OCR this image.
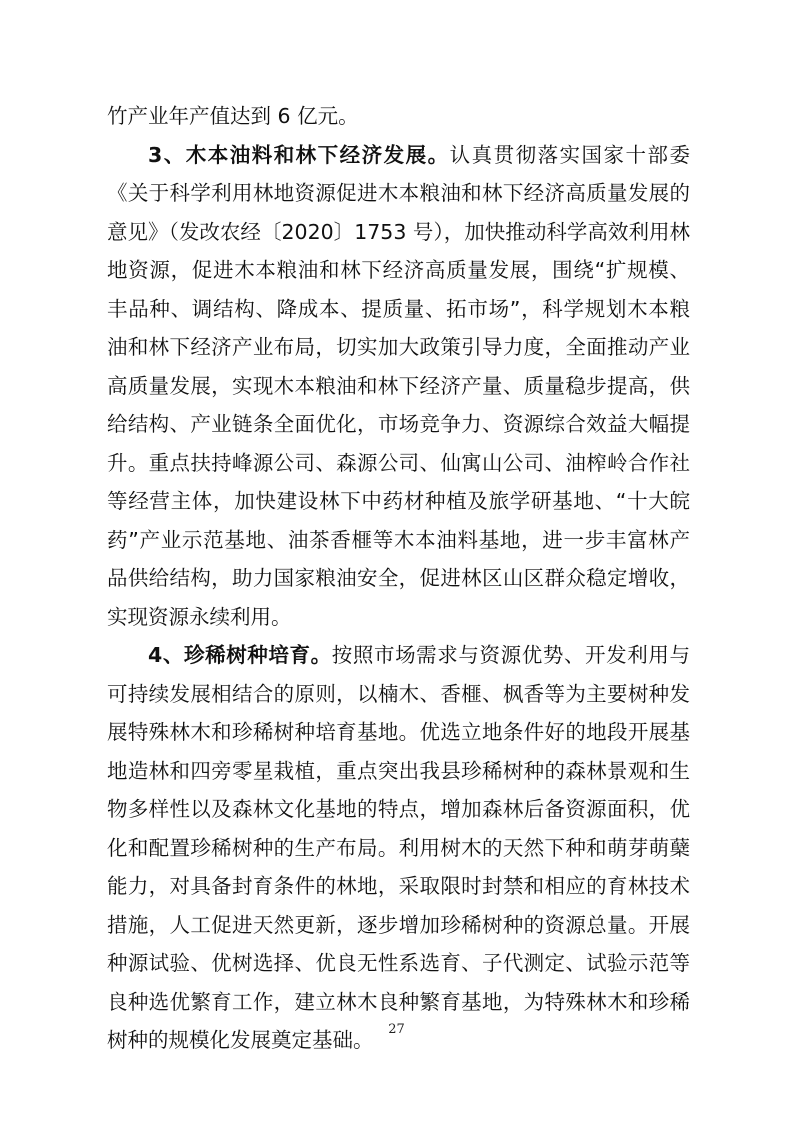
竹产业年产值达到 6 亿元。

3、木本油料和林下经济发展。认真贯彻落实国家十部委《关于科学利用林地资源促进木本粮油和林下经济高质量发展的意见》（发改农经〔2020〕1753 号），加快推动科学高效利用林地资源，促进木本粮油和林下经济高质量发展，围绕“扩规模、丰品种、调结构、降成本、提质量、拓市场”，科学规划木本粮油和林下经济产业布局，切实加大政策引导力度，全面推动产业高质量发展，实现木本粮油和林下经济产量、质量稳步提高，供给结构、产业链条全面优化，市场竞争力、资源综合效益大幅提升。重点扶持峰源公司、森源公司、仙寓山公司、油榨岭合作社等经营主体，加快建设林下中药材种植及旅学研基地、“十大皖药”产业示范基地、油茶香榧等木本油料基地，进一步丰富林产品供给结构，助力国家粮油安全，促进林区山区群众稳定增收，实现资源永续利用。

4、珍稀树种培育。按照市场需求与资源优势、开发利用与可持续发展相结合的原则，以楠木、香榧、枫香等为主要树种发展特殊林木和珍稀树种培育基地。优选立地条件好的地段开展基地造林和四旁零星栽植，重点突出我县珍稀树种的森林景观和生物多样性以及森林文化基地的特点，增加森林后备资源面积，优化和配置珍稀树种的生产布局。利用树木的天然下种和萌芽萌蘖能力，对具备封育条件的林地，采取限时封禁和相应的育林技术措施，人工促进天然更新，逐步增加珍稀树种的资源总量。开展种源试验、优树选择、优良无性系选育、子代测定、试验示范等良种选优繁育工作，建立林木良种繁育基地，为特殊林木和珍稀树种的规模化发展奠定基础。	27
